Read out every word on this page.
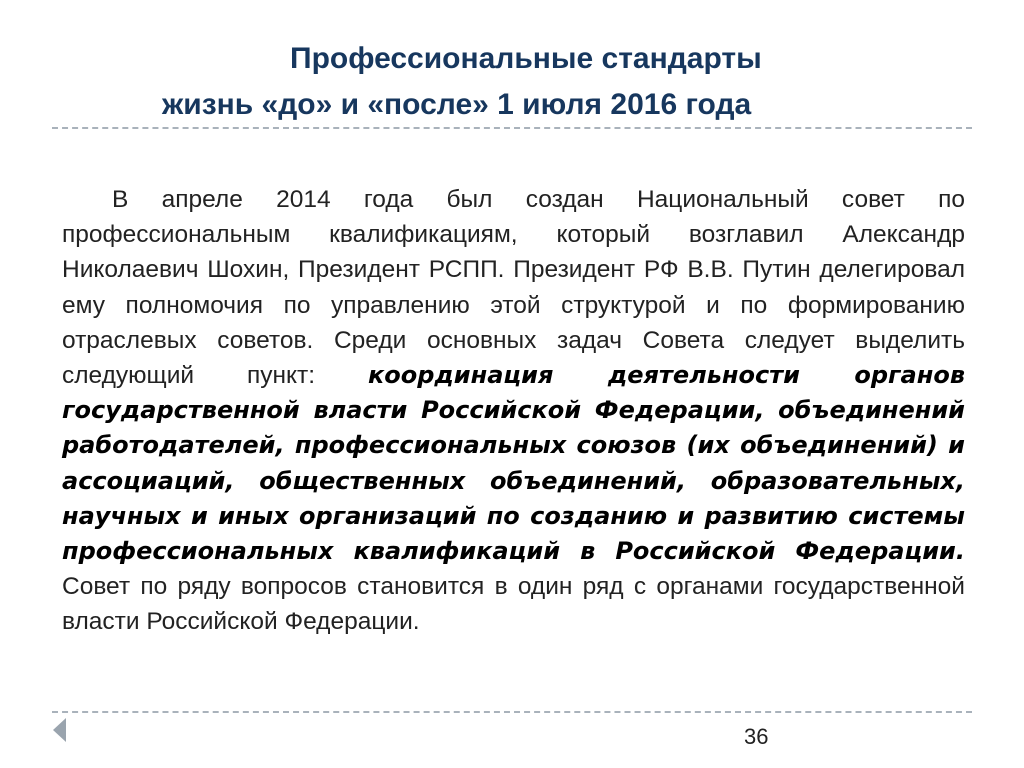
Профессиональные стандарты
жизнь «до» и «после» 1 июля 2016 года
В апреле 2014 года был создан Национальный совет по профессиональным квалификациям, который возглавил Александр Николаевич Шохин, Президент РСПП. Президент РФ В.В. Путин делегировал ему полномочия по управлению этой структурой и по формированию отраслевых советов. Среди основных задач Совета следует выделить следующий пункт: координация деятельности органов государственной власти Российской Федерации, объединений работодателей, профессиональных союзов (их объединений) и ассоциаций, общественных объединений, образовательных, научных и иных организаций по созданию и развитию системы профессиональных квалификаций в Российской Федерации. Совет по ряду вопросов становится в один ряд с органами государственной власти Российской Федерации.
36
